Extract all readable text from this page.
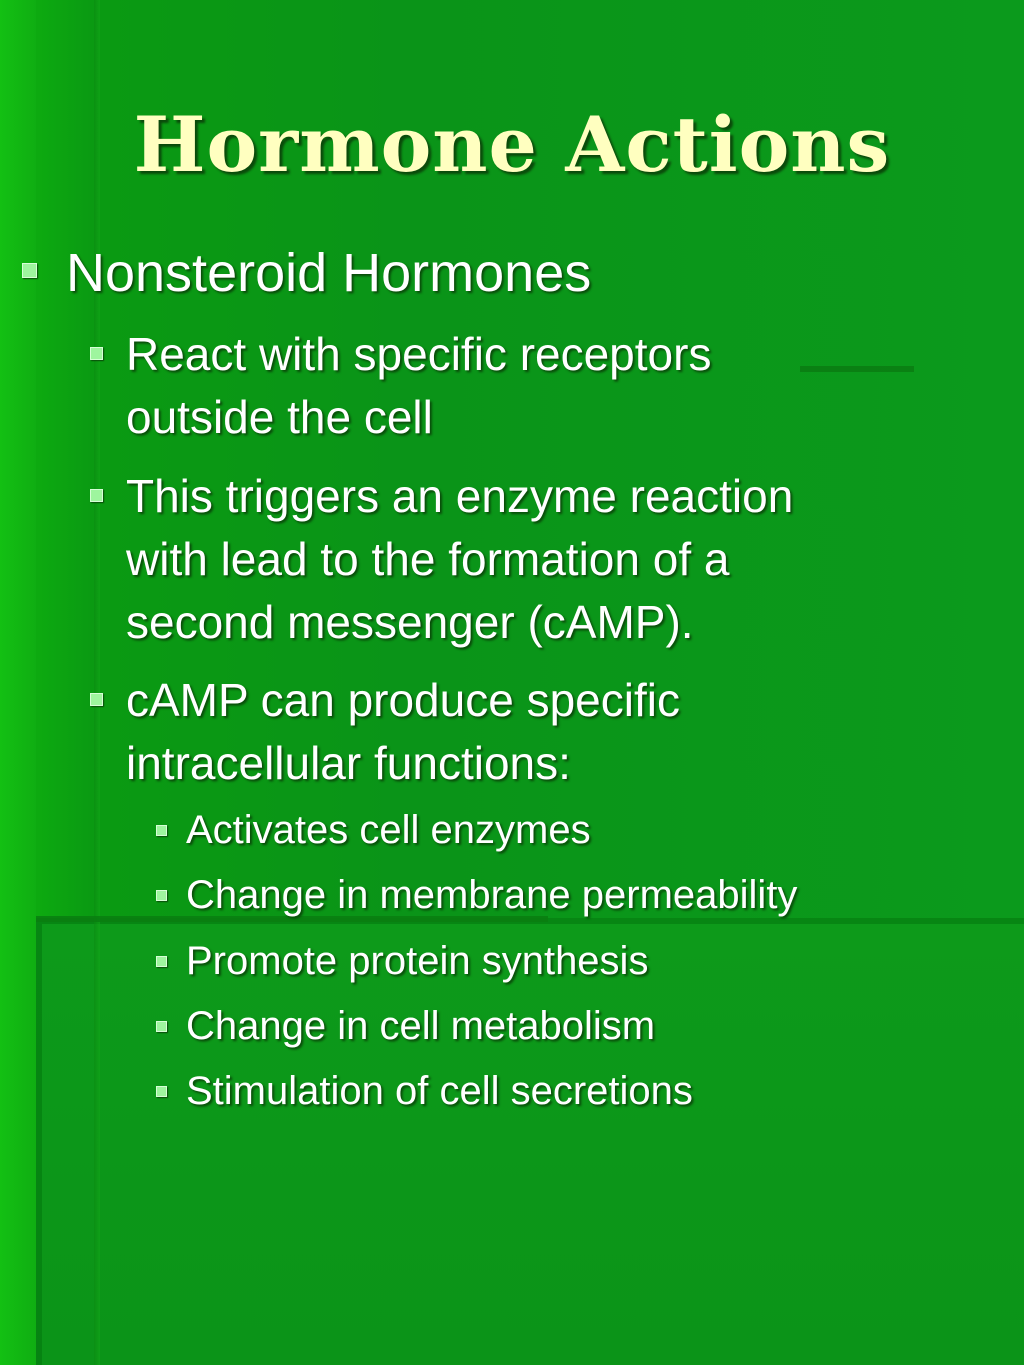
Hormone Actions
Nonsteroid Hormones
React with specific receptors
outside the cell
This triggers an enzyme reaction
with lead to the formation of a
second messenger (cAMP).
cAMP can produce specific
intracellular functions:
Activates cell enzymes
Change in membrane permeability
Promote protein synthesis
Change in cell metabolism
Stimulation of cell secretions
